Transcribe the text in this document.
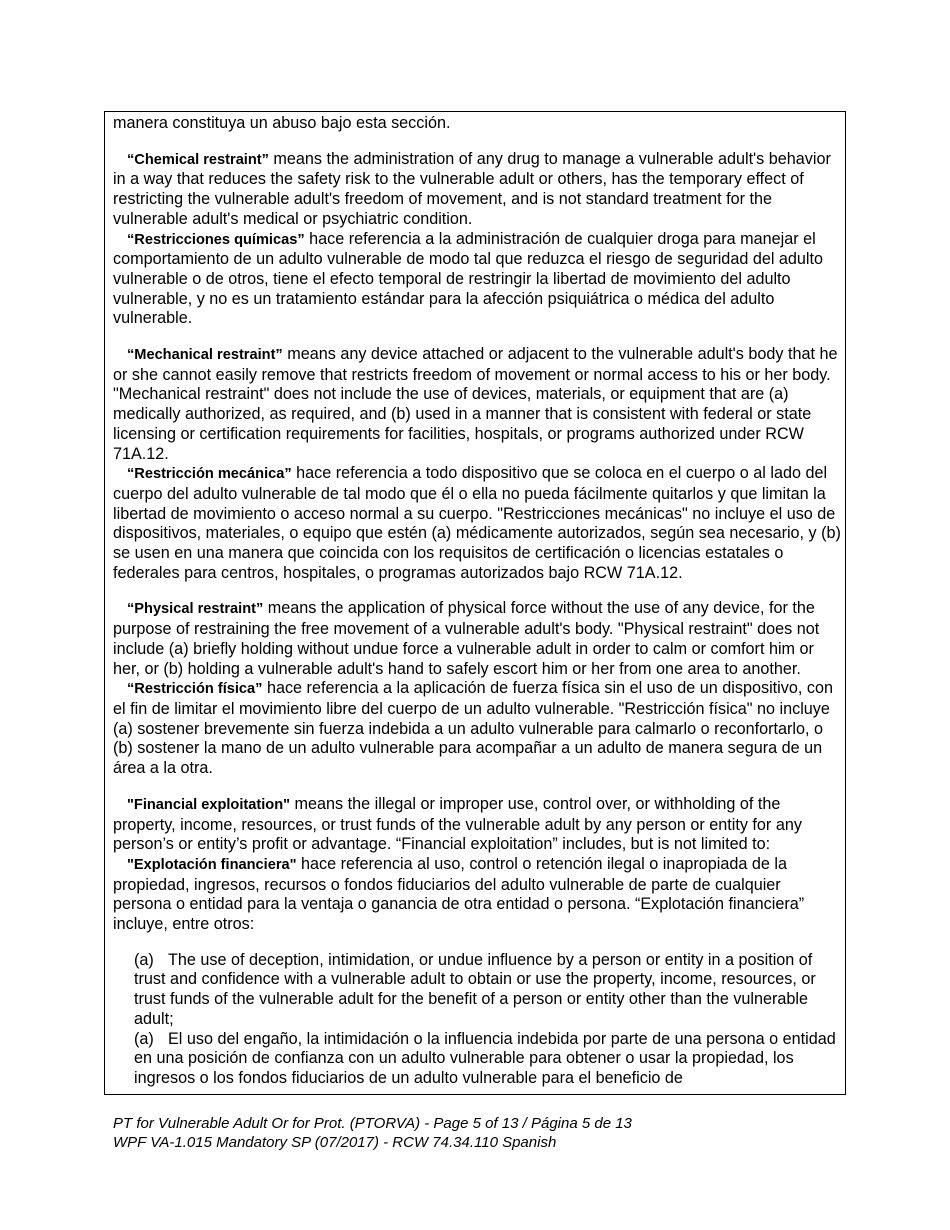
manera constituya un abuso bajo esta sección.

“Chemical restraint” means the administration of any drug to manage a vulnerable adult's behavior in a way that reduces the safety risk to the vulnerable adult or others, has the temporary effect of restricting the vulnerable adult's freedom of movement, and is not standard treatment for the vulnerable adult's medical or psychiatric condition.

“Restricciones químicas” hace referencia a la administración de cualquier droga para manejar el comportamiento de un adulto vulnerable de modo tal que reduzca el riesgo de seguridad del adulto vulnerable o de otros, tiene el efecto temporal de restringir la libertad de movimiento del adulto vulnerable, y no es un tratamiento estándar para la afección psiquiátrica o médica del adulto vulnerable.

“Mechanical restraint” means any device attached or adjacent to the vulnerable adult's body that he or she cannot easily remove that restricts freedom of movement or normal access to his or her body. "Mechanical restraint" does not include the use of devices, materials, or equipment that are (a) medically authorized, as required, and (b) used in a manner that is consistent with federal or state licensing or certification requirements for facilities, hospitals, or programs authorized under RCW 71A.12.

“Restricción mecánica” hace referencia a todo dispositivo que se coloca en el cuerpo o al lado del cuerpo del adulto vulnerable de tal modo que él o ella no pueda fácilmente quitarlos y que limitan la libertad de movimiento o acceso normal a su cuerpo. "Restricciones mecánicas" no incluye el uso de dispositivos, materiales, o equipo que estén (a) médicamente autorizados, según sea necesario, y (b) se usen en una manera que coincida con los requisitos de certificación o licencias estatales o federales para centros, hospitales, o programas autorizados bajo RCW 71A.12.

“Physical restraint” means the application of physical force without the use of any device, for the purpose of restraining the free movement of a vulnerable adult's body. "Physical restraint" does not include (a) briefly holding without undue force a vulnerable adult in order to calm or comfort him or her, or (b) holding a vulnerable adult's hand to safely escort him or her from one area to another.

“Restricción física” hace referencia a la aplicación de fuerza física sin el uso de un dispositivo, con el fin de limitar el movimiento libre del cuerpo de un adulto vulnerable. "Restricción física" no incluye (a) sostener brevemente sin fuerza indebida a un adulto vulnerable para calmarlo o reconfortarlo, o (b) sostener la mano de un adulto vulnerable para acompañar a un adulto de manera segura de un área a la otra.

"Financial exploitation" means the illegal or improper use, control over, or withholding of the property, income, resources, or trust funds of the vulnerable adult by any person or entity for any person’s or entity’s profit or advantage. “Financial exploitation” includes, but is not limited to:

"Explotación financiera" hace referencia al uso, control o retención ilegal o inapropiada de la propiedad, ingresos, recursos o fondos fiduciarios del adulto vulnerable de parte de cualquier persona o entidad para la ventaja o ganancia de otra entidad o persona. “Explotación financiera” incluye, entre otros:

(a) The use of deception, intimidation, or undue influence by a person or entity in a position of trust and confidence with a vulnerable adult to obtain or use the property, income, resources, or trust funds of the vulnerable adult for the benefit of a person or entity other than the vulnerable adult;

(a) El uso del engaño, la intimidación o la influencia indebida por parte de una persona o entidad en una posición de confianza con un adulto vulnerable para obtener o usar la propiedad, los ingresos o los fondos fiduciarios de un adulto vulnerable para el beneficio de

PT for Vulnerable Adult Or for Prot. (PTORVA) - Page 5 of 13 / Página 5 de 13
WPF VA-1.015 Mandatory SP (07/2017) - RCW 74.34.110 Spanish
